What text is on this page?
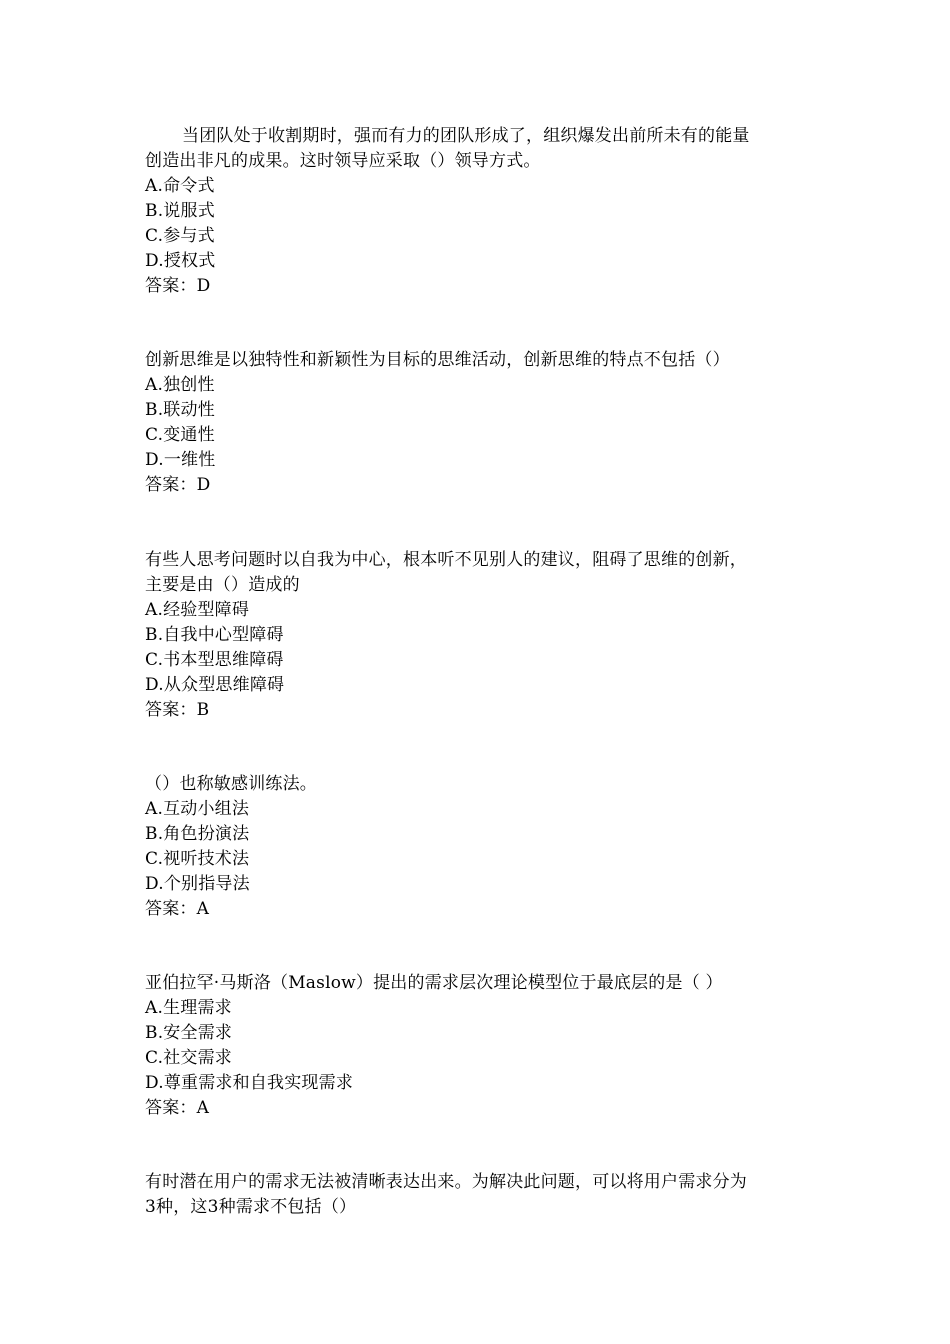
当团队处于收割期时，强而有力的团队形成了，组织爆发出前所未有的能量
创造出非凡的成果。这时领导应采取（）领导方式。
A.命令式
B.说服式
C.参与式
D.授权式
答案：D
创新思维是以独特性和新颖性为目标的思维活动，创新思维的特点不包括（）
A.独创性
B.联动性
C.变通性
D.一维性
答案：D
有些人思考问题时以自我为中心，根本听不见别人的建议，阻碍了思维的创新，
主要是由（）造成的
A.经验型障碍
B.自我中心型障碍
C.书本型思维障碍
D.从众型思维障碍
答案：B
（）也称敏感训练法。
A.互动小组法
B.角色扮演法
C.视听技术法
D.个别指导法
答案：A
亚伯拉罕·马斯洛（Maslow）提出的需求层次理论模型位于最底层的是（ ）
A.生理需求
B.安全需求
C.社交需求
D.尊重需求和自我实现需求
答案：A
有时潜在用户的需求无法被清晰表达出来。为解决此问题，可以将用户需求分为
3种，这3种需求不包括（）
